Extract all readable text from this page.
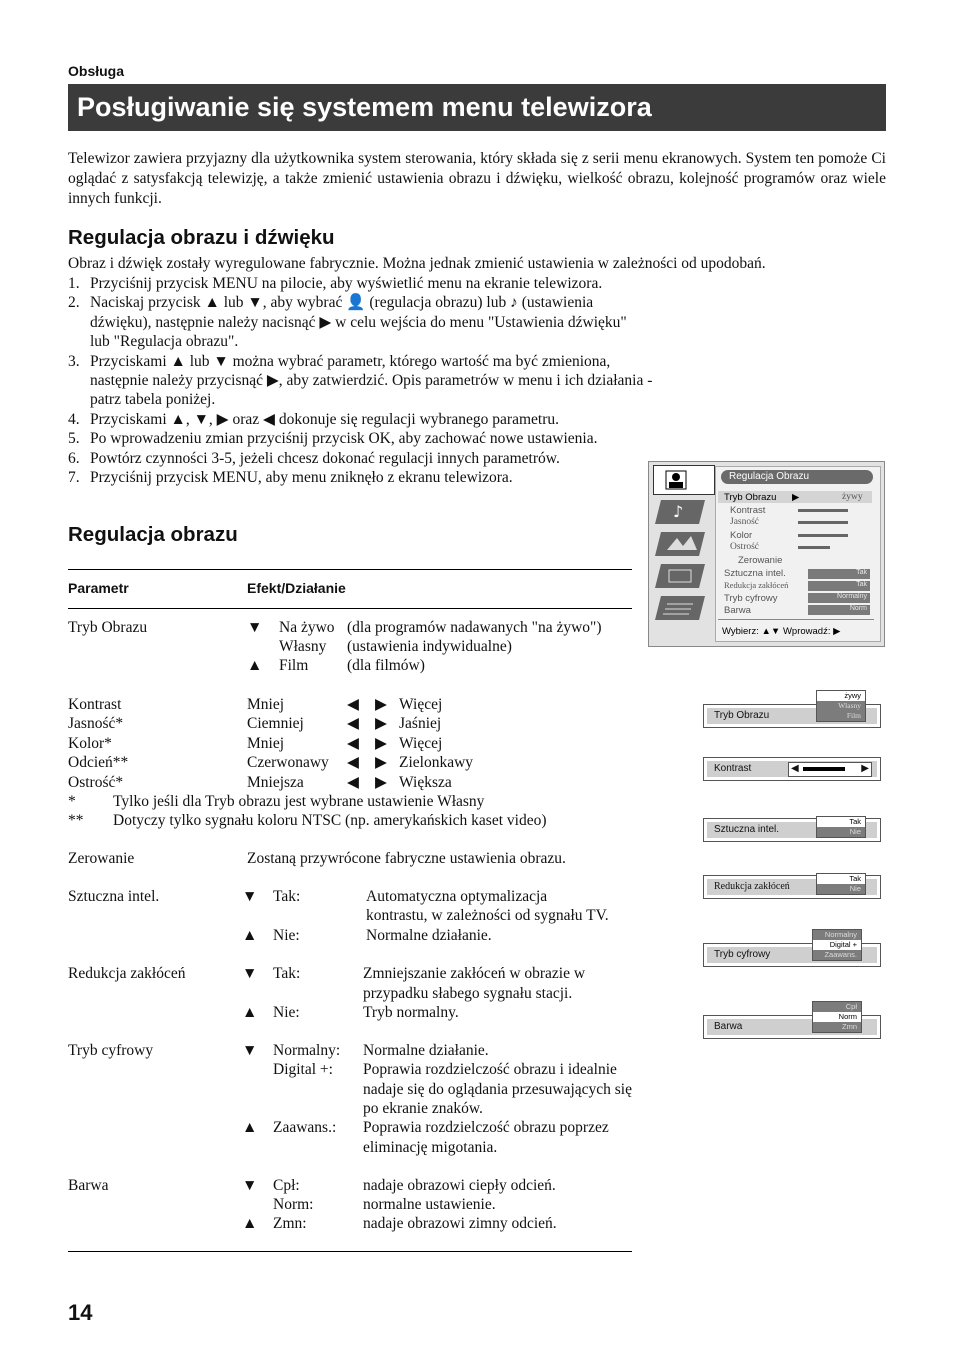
Obsługa
Posługiwanie się systemem menu telewizora
Telewizor zawiera przyjazny dla użytkownika system sterowania, który składa się z serii menu ekranowych. System ten pomoże Ci oglądać z satysfakcją telewizję, a także zmienić ustawienia obrazu i dźwięku, wielkość obrazu, kolejność programów oraz wiele innych funkcji.
Regulacja obrazu i dźwięku
Obraz i dźwięk zostały wyregulowane fabrycznie. Można jednak zmienić ustawienia w zależności od upodobań.
1. Przyciśnij przycisk MENU na pilocie, aby wyświetlić menu na ekranie telewizora.
2. Naciskaj przycisk ▲ lub ▼, aby wybrać 👤 (regulacja obrazu) lub ♪ (ustawienia dźwięku), następnie należy nacisnąć ▶ w celu wejścia do menu "Ustawienia dźwięku" lub "Regulacja obrazu".
3. Przyciskami ▲ lub ▼ można wybrać parametr, którego wartość ma być zmieniona, następnie należy przycisnąć ▶, aby zatwierdzić. Opis parametrów w menu i ich działania - patrz tabela poniżej.
4. Przyciskami ▲, ▼, ▶ oraz ◀ dokonuje się regulacji wybranego parametru.
5. Po wprowadzeniu zmian przyciśnij przycisk OK, aby zachować nowe ustawienia.
6. Powtórz czynności 3-5, jeżeli chcesz dokonać regulacji innych parametrów.
7. Przyciśnij przycisk MENU, aby menu zniknęło z ekranu telewizora.
Regulacja obrazu
Parametr	Efekt/Działanie
Tryb Obrazu	▼ Na żywo (dla programów nadawanych "na żywo")
Własny (ustawienia indywidualne)
▲ Film (dla filmów)
Kontrast	Mniej	◀ ▶ Więcej
Jasność*	Ciemniej	◀ ▶ Jaśniej
Kolor*	Mniej	◀ ▶ Więcej
Odcień**	Czerwonawy ◀ ▶ Zielonkawy
Ostrość*	Mniejsza	◀ ▶ Większa
* Tylko jeśli dla Tryb obrazu jest wybrane ustawienie Własny
** Dotyczy tylko sygnału koloru NTSC (np. amerykańskich kaset video)
Zerowanie	Zostaną przywrócone fabryczne ustawienia obrazu.
Sztuczna intel.	▼ Tak:	Automatyczna optymalizacja
kontrastu, w zależności od sygnału TV.
▲ Nie:	Normalne działanie.
Redukcja zakłóceń	▼ Tak:	Zmniejszanie zakłóceń w obrazie w
przypadku słabego sygnału stacji.
▲ Nie:	Tryb normalny.
Tryb cyfrowy	▼ Normalny: Normalne działanie.
Digital +: Poprawia rozdzielczość obrazu i idealnie
nadaje się do oglądania przesuwających się
po ekranie znaków.
▲ Zaawans.: Poprawia rozdzielczość obrazu poprzez
eliminację migotania.
Barwa	▼ Cpł:	nadaje obrazowi ciepły odcień.
Norm:	normalne ustawienie.
▲ Zmn:	nadaje obrazowi zimny odcień.
♪
Regulacja Obrazu
Tryb Obrazu ▶	żywy
Kontrast
Jasność
Kolor
Ostrość
Zerowanie
Sztuczna intel.
Redukcja zakłóceń
Tryb cyfrowy
Barwa
Tak
Tak
Normalny
Norm
Wybierz: ▲▼ Wprowadź: ▶
Tryb Obrazu
żywy
Własny
Film
Kontrast	◀	▶
Sztuczna intel.
Tak
Nie
Redukcja zakłóceń
Tak
Nie
Tryb cyfrowy
Normalny
Digital +
Zaawans.
Barwa
Cpł
Norm
Zmn
14
